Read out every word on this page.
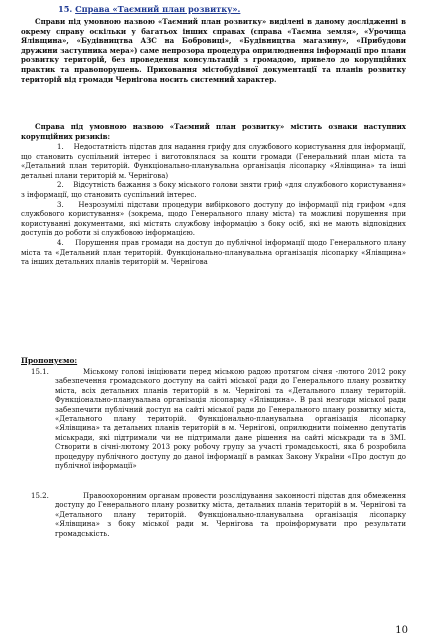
15. Справа «Таємний план розвитку».

Справи під умовною назвою «Таємний план розвитку» виділені в даному дослідженні в окрему справу оскільки у багатьох інших справах (справа «Таємна земля», «Урочища Ялівщина», «Будівництва АЗС на Бобровиці», «Будівництва магазину», «Прибудови дружини заступника мера») саме непрозора процедура оприлюднення інформації про плани розвитку територій, без проведення консультацій з громадою, привело до корупційних практик та правопорушень. Приховання містобудівної документації та планів розвитку територій від громади Чернігова носить системний характер.

Справа під умовною назвою «Таємний план розвитку» містить ознаки наступних корупційних ризиків:

1.    Недостатність підстав для надання грифу для службового користування для інформації, що становить суспільний інтерес і виготовлялася за кошти громади (Генеральний план міста та «Детальний план територій. Функціонально-планувальна організація лісопарку «Ялівщина» та інші детальні плани територій м. Чернігова)
2.    Відсутність бажання з боку міського голови зняти гриф «для службового користування» з інформації, що становить суспільний інтерес.
3.    Незрозумілі підстави процедури вибіркового доступу до інформації під грифом «для службового користування» (зокрема, щодо Генерального плану міста) та можливі порушення при користуванні документами, які містять службову інформацію з боку осіб, які не мають відповідних доступів до роботи зі службовою інформацією.
4.    Порушення прав громади на доступ до публічної інформації щодо Генерального плану міста та «Детальний план територій. Функціонально-планувальна організація лісопарку «Ялівщина» та інших детальних планів територій м. Чернігова
Пропонуємо:
15.1.	Міському голові ініціювати перед міською радою протягом січня -лютого 2012 року забезпечення громадського доступу на сайті міської ради до Генерального плану розвитку міста, всіх детальних планів територій в м. Чернігові та «Детального плану територій. Функціонально-планувальна організація лісопарку «Ялівщина». В разі незгоди міської ради забезпечити публічний доступ на сайті міської ради до Генерального плану розвитку міста, «Детального плану територій. Функціонально-планувальна організація лісопарку «Ялівщина» та детальних планів територій в м. Чернігові, оприлюднити поіменно депутатів міськради, які підтримали чи не підтримали дане рішення на сайті міськради та в ЗМІ. Створити в січні-лютому 2013 року робочу групу за участі громадськості, яка б розробила процедуру публічного доступу до даної інформації в рамках Закону України «Про доступ до публічної інформації»
15.2.	Правоохоронним органам провести розслідування законності підстав для обмеження доступу до Генерального плану розвитку міста, детальних планів територій в м. Чернігові та «Детального плану територій. Функціонально-планувальна організація лісопарку «Ялівщина» з боку міської ради м. Чернігова та проінформувати про результати громадськість.
10
